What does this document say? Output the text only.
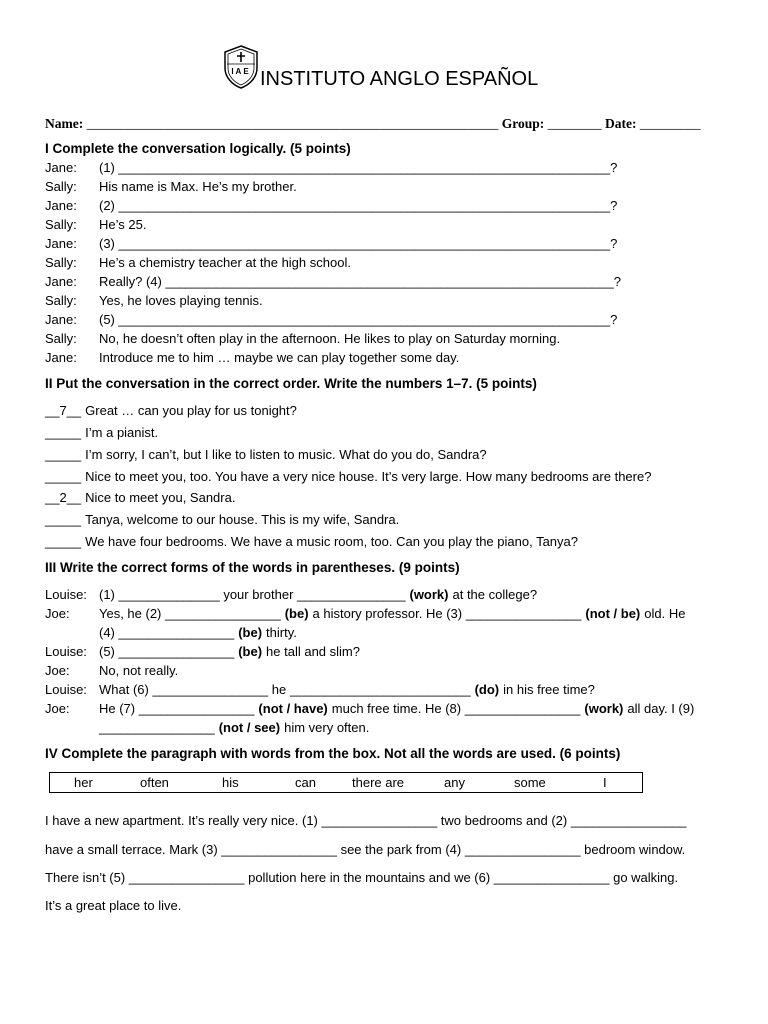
IAE INSTITUTO ANGLO ESPAÑOL
Name: _____________________________________________________________ Group: ________ Date: _________
I Complete the conversation logically. (5 points)
Jane: (1) ____________________________________________________________________?
Sally: His name is Max. He’s my brother.
Jane: (2) ____________________________________________________________________?
Sally: He’s 25.
Jane: (3) ____________________________________________________________________?
Sally: He’s a chemistry teacher at the high school.
Jane: Really? (4) ______________________________________________________________?
Sally: Yes, he loves playing tennis.
Jane: (5) ____________________________________________________________________?
Sally: No, he doesn’t often play in the afternoon. He likes to play on Saturday morning.
Jane: Introduce me to him … maybe we can play together some day.
II Put the conversation in the correct order. Write the numbers 1–7. (5 points)
__7__ Great … can you play for us tonight?
_____ I’m a pianist.
_____ I’m sorry, I can’t, but I like to listen to music. What do you do, Sandra?
_____ Nice to meet you, too. You have a very nice house. It’s very large. How many bedrooms are there?
__2__ Nice to meet you, Sandra.
_____ Tanya, welcome to our house. This is my wife, Sandra.
_____ We have four bedrooms. We have a music room, too. Can you play the piano, Tanya?
III Write the correct forms of the words in parentheses. (9 points)
Louise: (1) ______________ your brother _______________ (work) at the college?
Joe: Yes, he (2) ________________ (be) a history professor. He (3) ________________ (not / be) old. He
(4) ________________ (be) thirty.
Louise: (5) ________________ (be) he tall and slim?
Joe: No, not really.
Louise: What (6) ________________ he _________________________ (do) in his free time?
Joe: He (7) ________________ (not / have) much free time. He (8) ________________ (work) all day. I (9)
________________ (not / see) him very often.
IV Complete the paragraph with words from the box. Not all the words are used. (6 points)
her	often	his	can	there are	any	some	I
I have a new apartment. It’s really very nice. (1) ________________ two bedrooms and (2) ________________
have a small terrace. Mark (3) ________________ see the park from (4) ________________ bedroom window.
There isn’t (5) ________________ pollution here in the mountains and we (6) ________________ go walking.
It’s a great place to live.
